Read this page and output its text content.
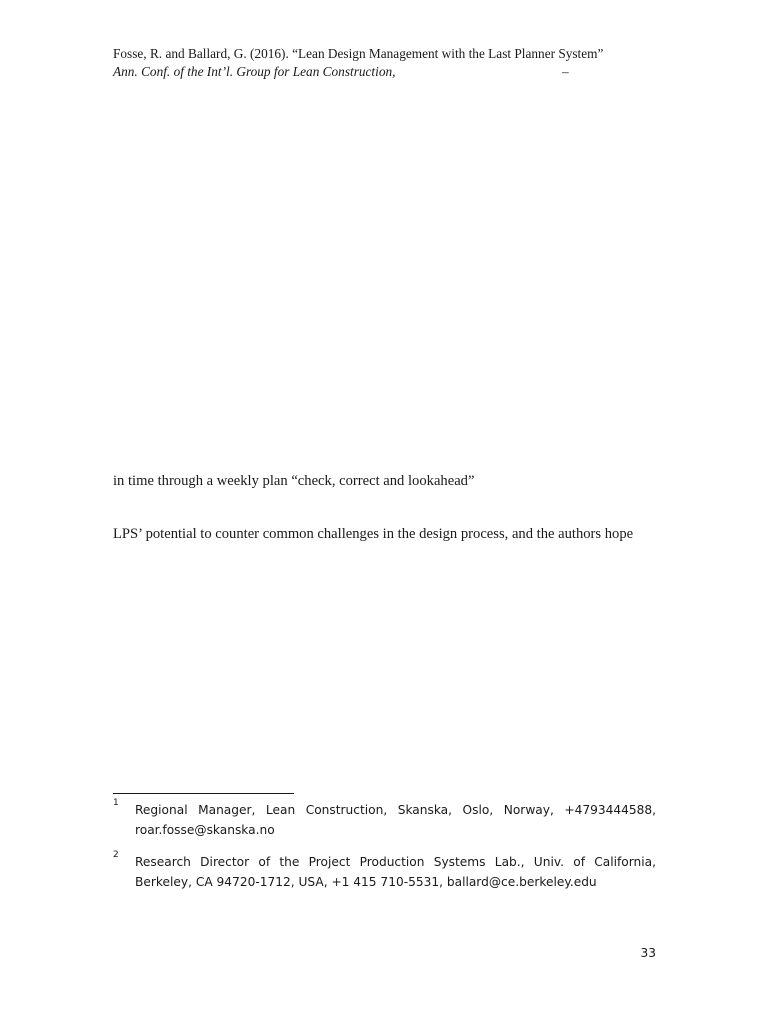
Fosse, R. and Ballard, G. (2016). “Lean Design Management with the Last Planner System”
Ann. Conf. of the Int’l. Group for Lean Construction,	–
in time through a weekly plan “check, correct and lookahead”
LPS’ potential to counter common challenges in the design process, and the authors hope
1 Regional Manager, Lean Construction, Skanska, Oslo, Norway, +4793444588, roar.fosse@skanska.no
2 Research Director of the Project Production Systems Lab., Univ. of California, Berkeley, CA 94720-1712, USA, +1 415 710-5531, ballard@ce.berkeley.edu
33
